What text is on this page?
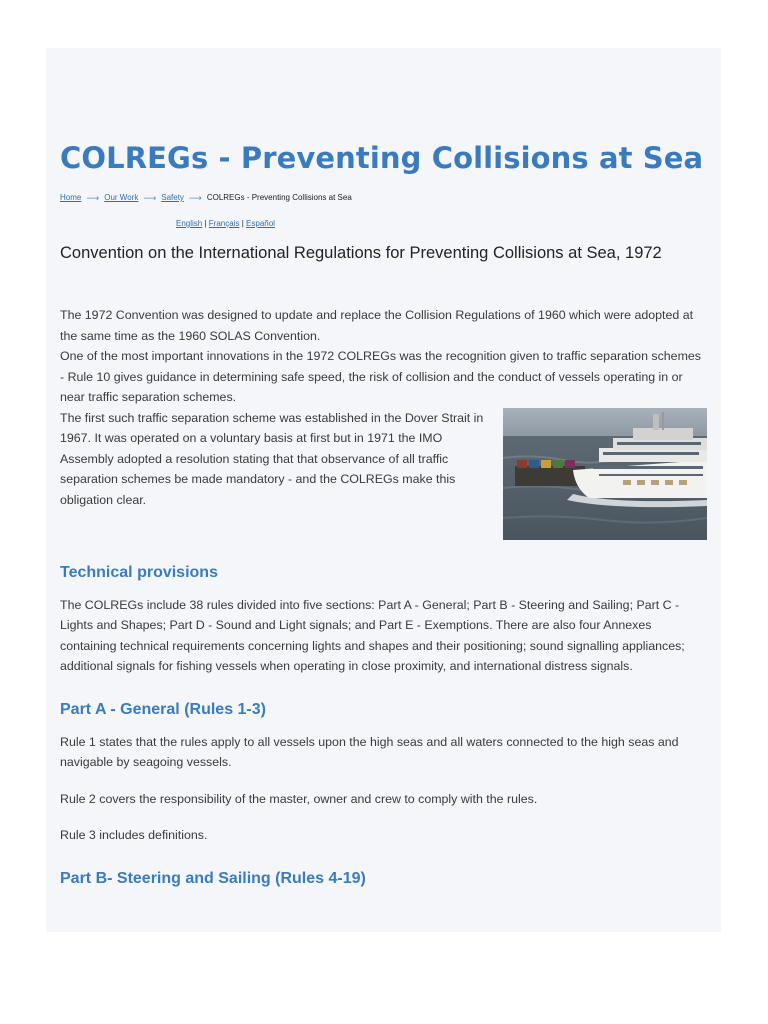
COLREGs - Preventing Collisions at Sea
Home ⟶ Our Work ⟶ Safety ⟶ COLREGs - Preventing Collisions at Sea
English | Français | Español
Convention on the International Regulations for Preventing Collisions at Sea, 1972

The 1972 Convention was designed to update and replace the Collision Regulations of 1960 which were adopted at the same time as the 1960 SOLAS Convention.

One of the most important innovations in the 1972 COLREGs was the recognition given to traffic separation schemes - Rule 10 gives guidance in determining safe speed, the risk of collision and the conduct of vessels operating in or near traffic separation schemes.

The first such traffic separation scheme was established in the Dover Strait in 1967. It was operated on a voluntary basis at first but in 1971 the IMO Assembly adopted a resolution stating that that observance of all traffic separation schemes be made mandatory - and the COLREGs make this obligation clear.

Technical provisions

The COLREGs include 38 rules divided into five sections: Part A - General; Part B - Steering and Sailing; Part C - Lights and Shapes; Part D - Sound and Light signals; and Part E - Exemptions. There are also four Annexes containing technical requirements concerning lights and shapes and their positioning; sound signalling appliances; additional signals for fishing vessels when operating in close proximity, and international distress signals.

Part A - General (Rules 1-3)

Rule 1 states that the rules apply to all vessels upon the high seas and all waters connected to the high seas and navigable by seagoing vessels.

Rule 2 covers the responsibility of the master, owner and crew to comply with the rules.

Rule 3 includes definitions.

Part B- Steering and Sailing (Rules 4-19)
